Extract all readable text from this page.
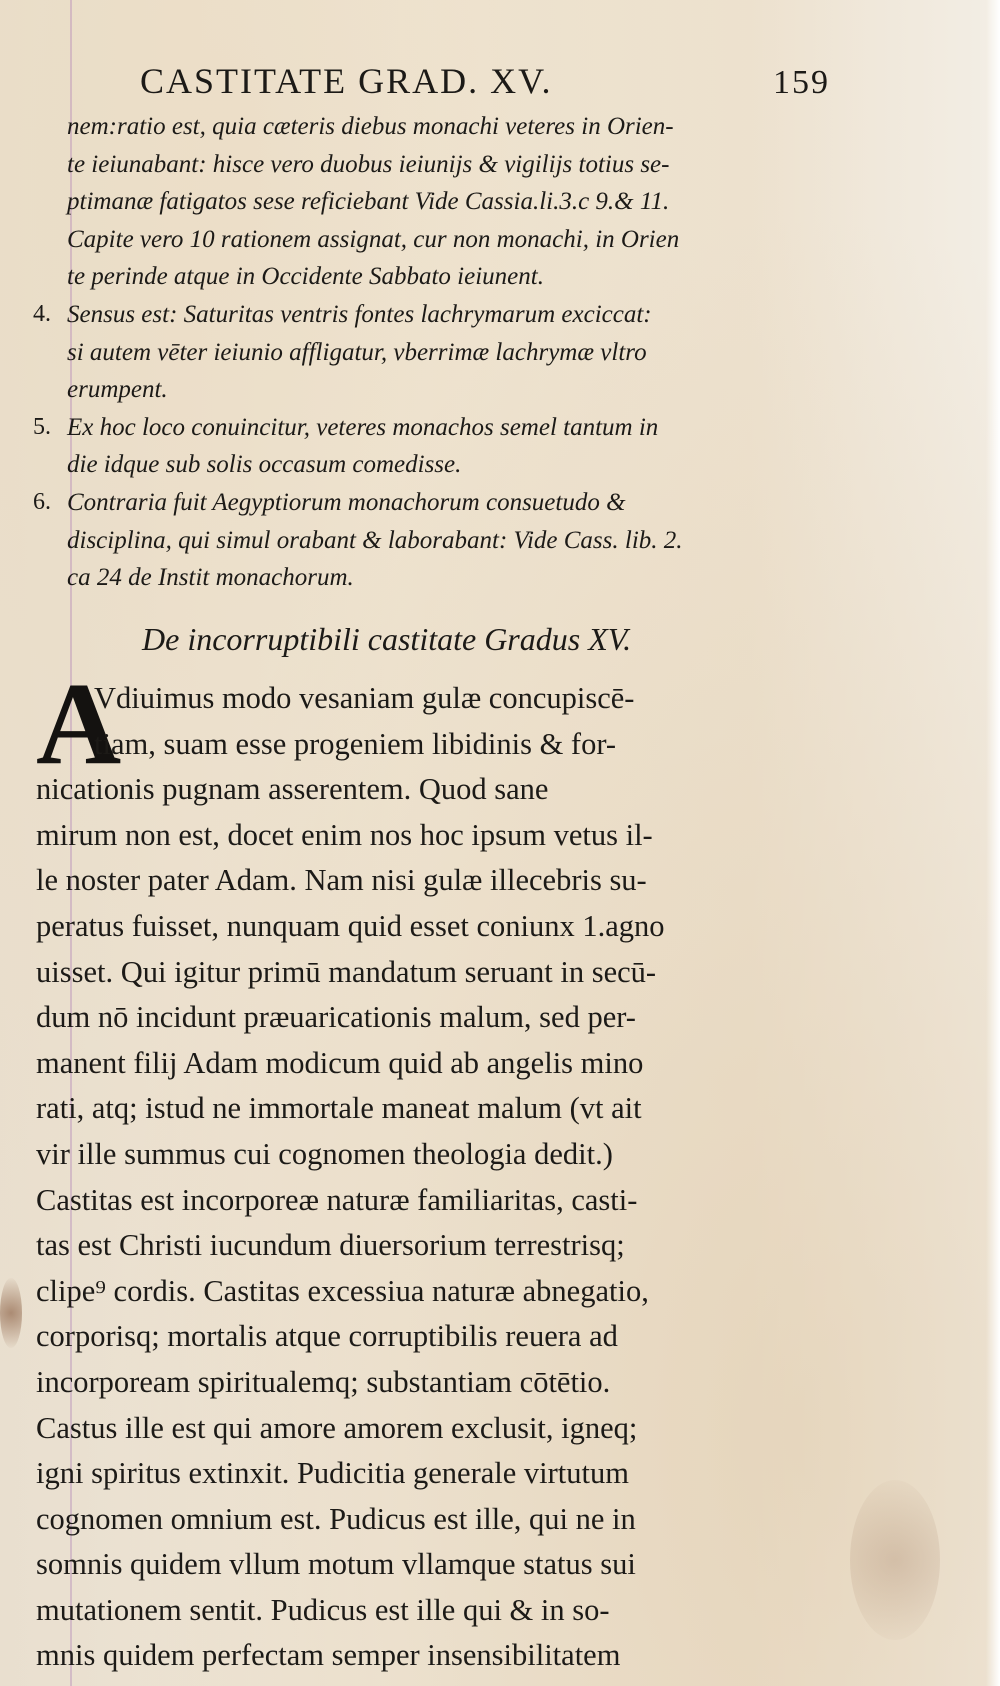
CASTITATE GRAD. XV.	159
nem:ratio est, quia cæteris diebus monachi veteres in Orien-
te ieiunabant: hisce vero duobus ieiunijs & vigilijs totius se-
ptimanæ fatigatos sese reficiebant Vide Cassia.li.3.c 9.& 11.
Capite vero 10 rationem assignat, cur non monachi, in Orien
te perinde atque in Occidente Sabbato ieiunent.
4. Sensus est: Saturitas ventris fontes lachrymarum exciccat:
si autem vēter ieiunio affligatur, vberrimæ lachrymæ vltro
erumpent.
5. Ex hoc loco conuincitur, veteres monachos semel tantum in
die idque sub solis occasum comedisse.
6. Contraria fuit Aegyptiorum monachorum consuetudo &
disciplina, qui simul orabant & laborabant: Vide Cass. lib. 2.
ca 24 de Instit monachorum.
De incorruptibili castitate Gradus XV.
A
Vdiuimus modo vesaniam gulæ concupiscē-
tiam, suam esse progeniem libidinis & for-
nicationis pugnam asserentem. Quod sane
mirum non est, docet enim nos hoc ipsum vetus il-
le noster pater Adam. Nam nisi gulæ illecebris su-
peratus fuisset, nunquam quid esset coniunx 1.agno
uisset. Qui igitur primū mandatum seruant in secū-
dum nō incidunt præuaricationis malum, sed per-
manent filij Adam modicum quid ab angelis mino
rati, atq; istud ne immortale maneat malum (vt ait
vir ille summus cui cognomen theologia dedit.)
Castitas est incorporeæ naturæ familiaritas, casti-
tas est Christi iucundum diuersorium terrestrisq;
clipe⁹ cordis. Castitas excessiua naturæ abnegatio,
corporisq; mortalis atque corruptibilis reuera ad
incorpoream spiritualemq; substantiam cōtētio.
Castus ille est qui amore amorem exclusit, igneq;
igni spiritus extinxit. Pudicitia generale virtutum
cognomen omnium est. Pudicus est ille, qui ne in
somnis quidem vllum motum vllamque status sui
mutationem sentit. Pudicus est ille qui & in so-
mnis quidem perfectam semper insensibilitatem
